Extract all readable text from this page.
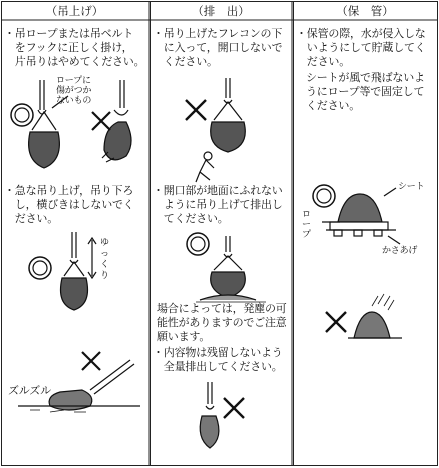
（吊上げ）	（排　出）	（保　管）
・吊ロープまたは吊ベルト
　をフックに正しく掛け，
　片吊りはやめてください。
ロープに
傷がつか
ないもの
・急な吊り上げ，吊り下ろ
　し，横びきはしないでく
　ださい。
ゆ
っ
く
り
ズルズル
・吊り上げたフレコンの下
　に入って，開口しないで
　ください。
・開口部が地面にふれない
　ように吊り上げて排出し
　てください。
場合によっては，発塵の可
能性がありますのでご注意
願います。
・内容物は残留しないよう
　全量排出してください。
・保管の際，水が侵入しな
　いようにして貯蔵してく
　ださい。
シートが風で飛ばないよ
うにロープ等で固定して
ください。
シート
ロ
ー
プ
かさあげ
